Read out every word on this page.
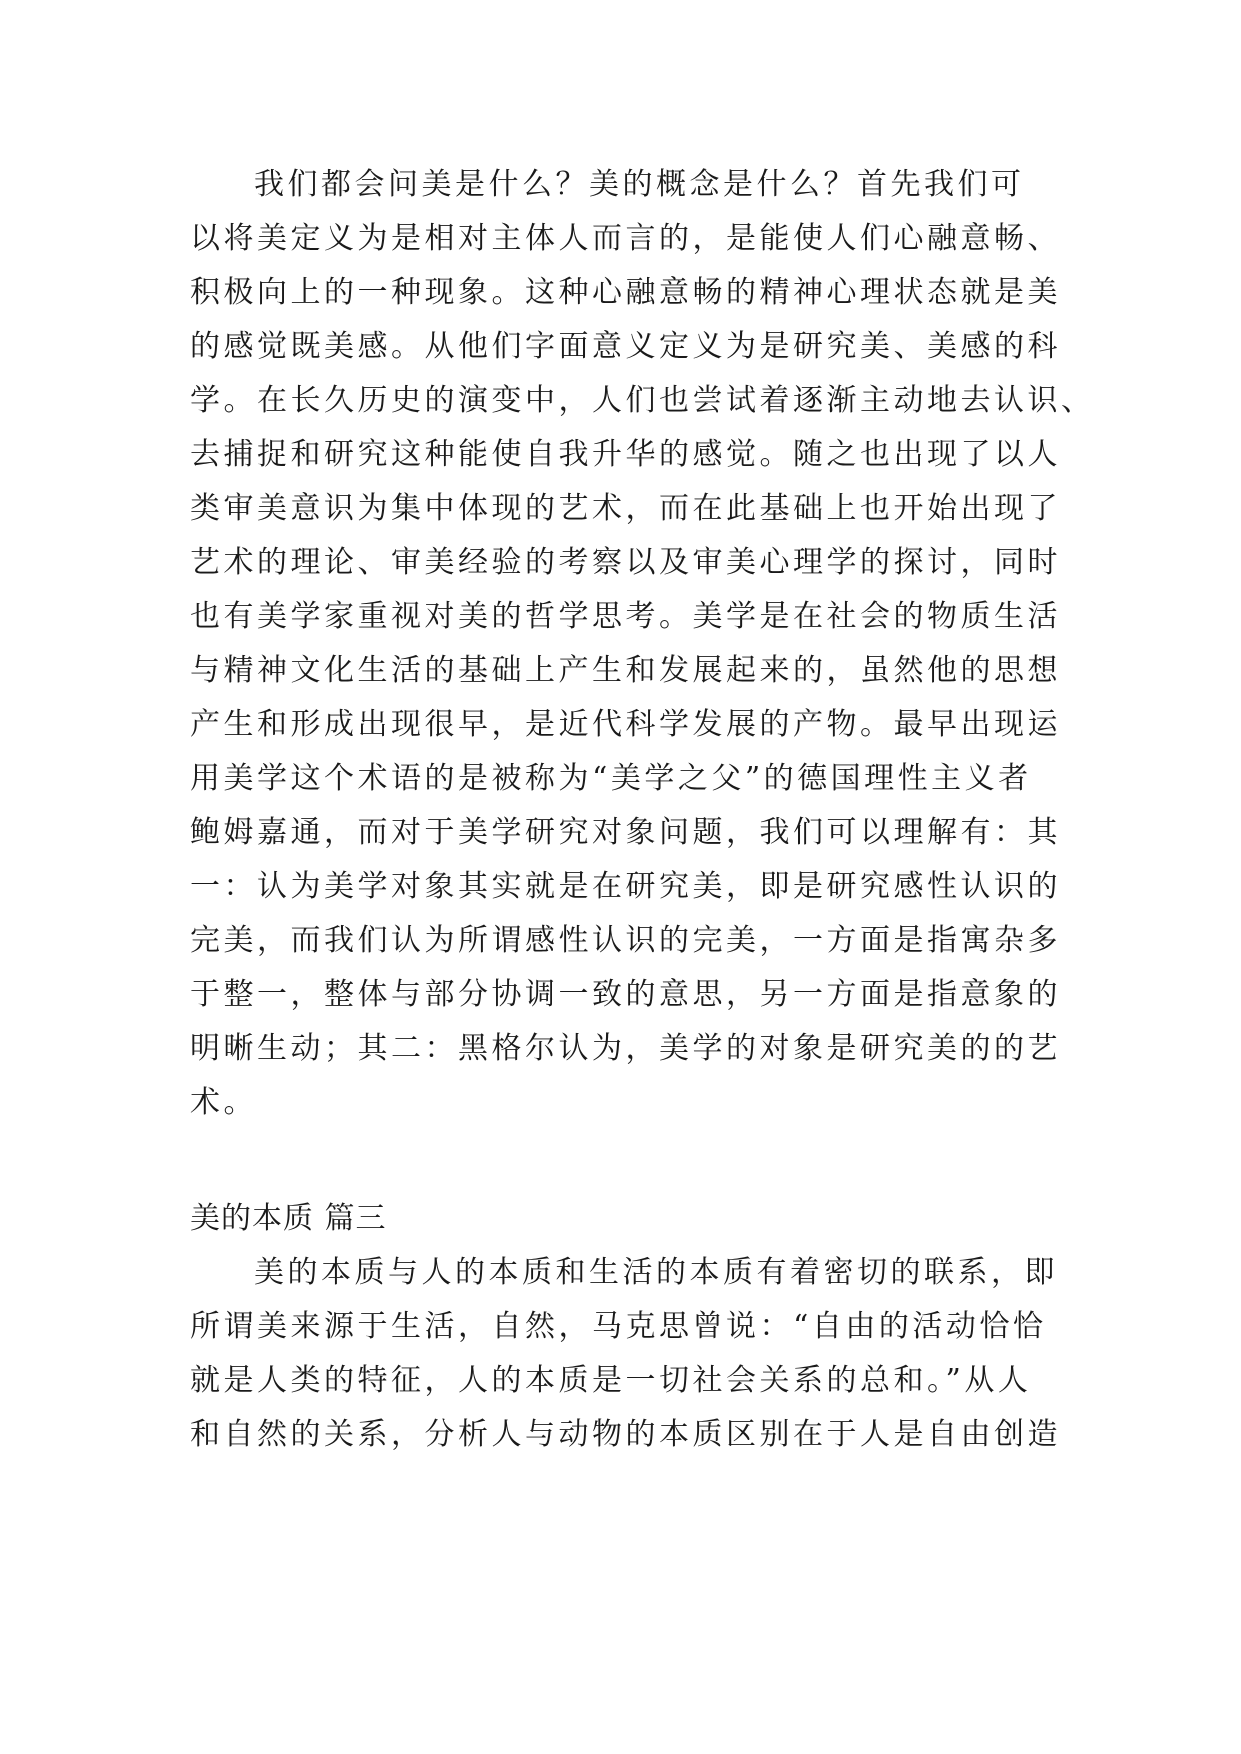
我们都会问美是什么？美的概念是什么？首先我们可
以将美定义为是相对主体人而言的，是能使人们心融意畅、
积极向上的一种现象。这种心融意畅的精神心理状态就是美
的感觉既美感。从他们字面意义定义为是研究美、美感的科
学。在长久历史的演变中，人们也尝试着逐渐主动地去认识、
去捕捉和研究这种能使自我升华的感觉。随之也出现了以人
类审美意识为集中体现的艺术，而在此基础上也开始出现了
艺术的理论、审美经验的考察以及审美心理学的探讨，同时
也有美学家重视对美的哲学思考。美学是在社会的物质生活
与精神文化生活的基础上产生和发展起来的，虽然他的思想
产生和形成出现很早，是近代科学发展的产物。最早出现运
用美学这个术语的是被称为“美学之父”的德国理性主义者
鲍姆嘉通，而对于美学研究对象问题，我们可以理解有：其
一：认为美学对象其实就是在研究美，即是研究感性认识的
完美，而我们认为所谓感性认识的完美，一方面是指寓杂多
于整一，整体与部分协调一致的意思，另一方面是指意象的
明晰生动；其二：黑格尔认为，美学的对象是研究美的的艺
术。
美的本质 篇三
美的本质与人的本质和生活的本质有着密切的联系，即
所谓美来源于生活，自然，马克思曾说：“自由的活动恰恰
就是人类的特征，人的本质是一切社会关系的总和。”从人
和自然的关系，分析人与动物的本质区别在于人是自由创造
